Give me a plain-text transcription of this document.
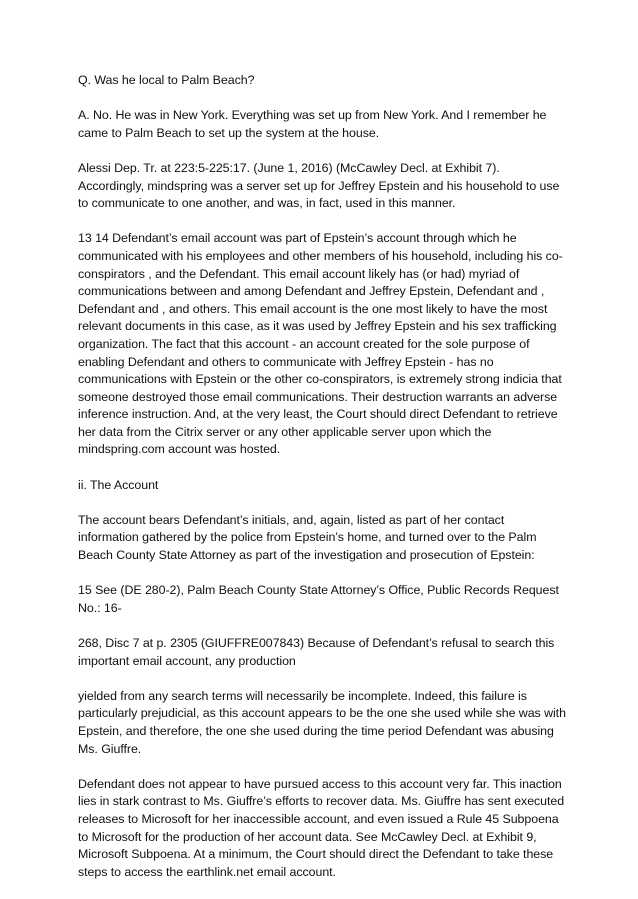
Q. Was he local to Palm Beach?

A. No. He was in New York. Everything was set up from New York. And I remember he came to Palm Beach to set up the system at the house.

Alessi Dep. Tr. at 223:5-225:17. (June 1, 2016) (McCawley Decl. at Exhibit 7). Accordingly, mindspring was a server set up for Jeffrey Epstein and his household to use to communicate to one another, and was, in fact, used in this manner.

13 14 Defendant’s email account was part of Epstein’s account through which he communicated with his employees and other members of his household, including his co-conspirators , and the Defendant. This email account likely has (or had) myriad of communications between and among Defendant and Jeffrey Epstein, Defendant and , Defendant and , and others. This email account is the one most likely to have the most relevant documents in this case, as it was used by Jeffrey Epstein and his sex trafficking organization. The fact that this account - an account created for the sole purpose of enabling Defendant and others to communicate with Jeffrey Epstein - has no communications with Epstein or the other co-conspirators, is extremely strong indicia that someone destroyed those email communications. Their destruction warrants an adverse inference instruction. And, at the very least, the Court should direct Defendant to retrieve her data from the Citrix server or any other applicable server upon which the mindspring.com account was hosted.

ii. The Account

The account bears Defendant’s initials, and, again, listed as part of her contact information gathered by the police from Epstein’s home, and turned over to the Palm Beach County State Attorney as part of the investigation and prosecution of Epstein:

15 See (DE 280-2), Palm Beach County State Attorney’s Office, Public Records Request No.: 16-

268, Disc 7 at p. 2305 (GIUFFRE007843) Because of Defendant’s refusal to search this important email account, any production

yielded from any search terms will necessarily be incomplete. Indeed, this failure is particularly prejudicial, as this account appears to be the one she used while she was with Epstein, and therefore, the one she used during the time period Defendant was abusing Ms. Giuffre.

Defendant does not appear to have pursued access to this account very far. This inaction lies in stark contrast to Ms. Giuffre’s efforts to recover data. Ms. Giuffre has sent executed releases to Microsoft for her inaccessible account, and even issued a Rule 45 Subpoena to Microsoft for the production of her account data. See McCawley Decl. at Exhibit 9, Microsoft Subpoena. At a minimum, the Court should direct the Defendant to take these steps to access the earthlink.net email account.
